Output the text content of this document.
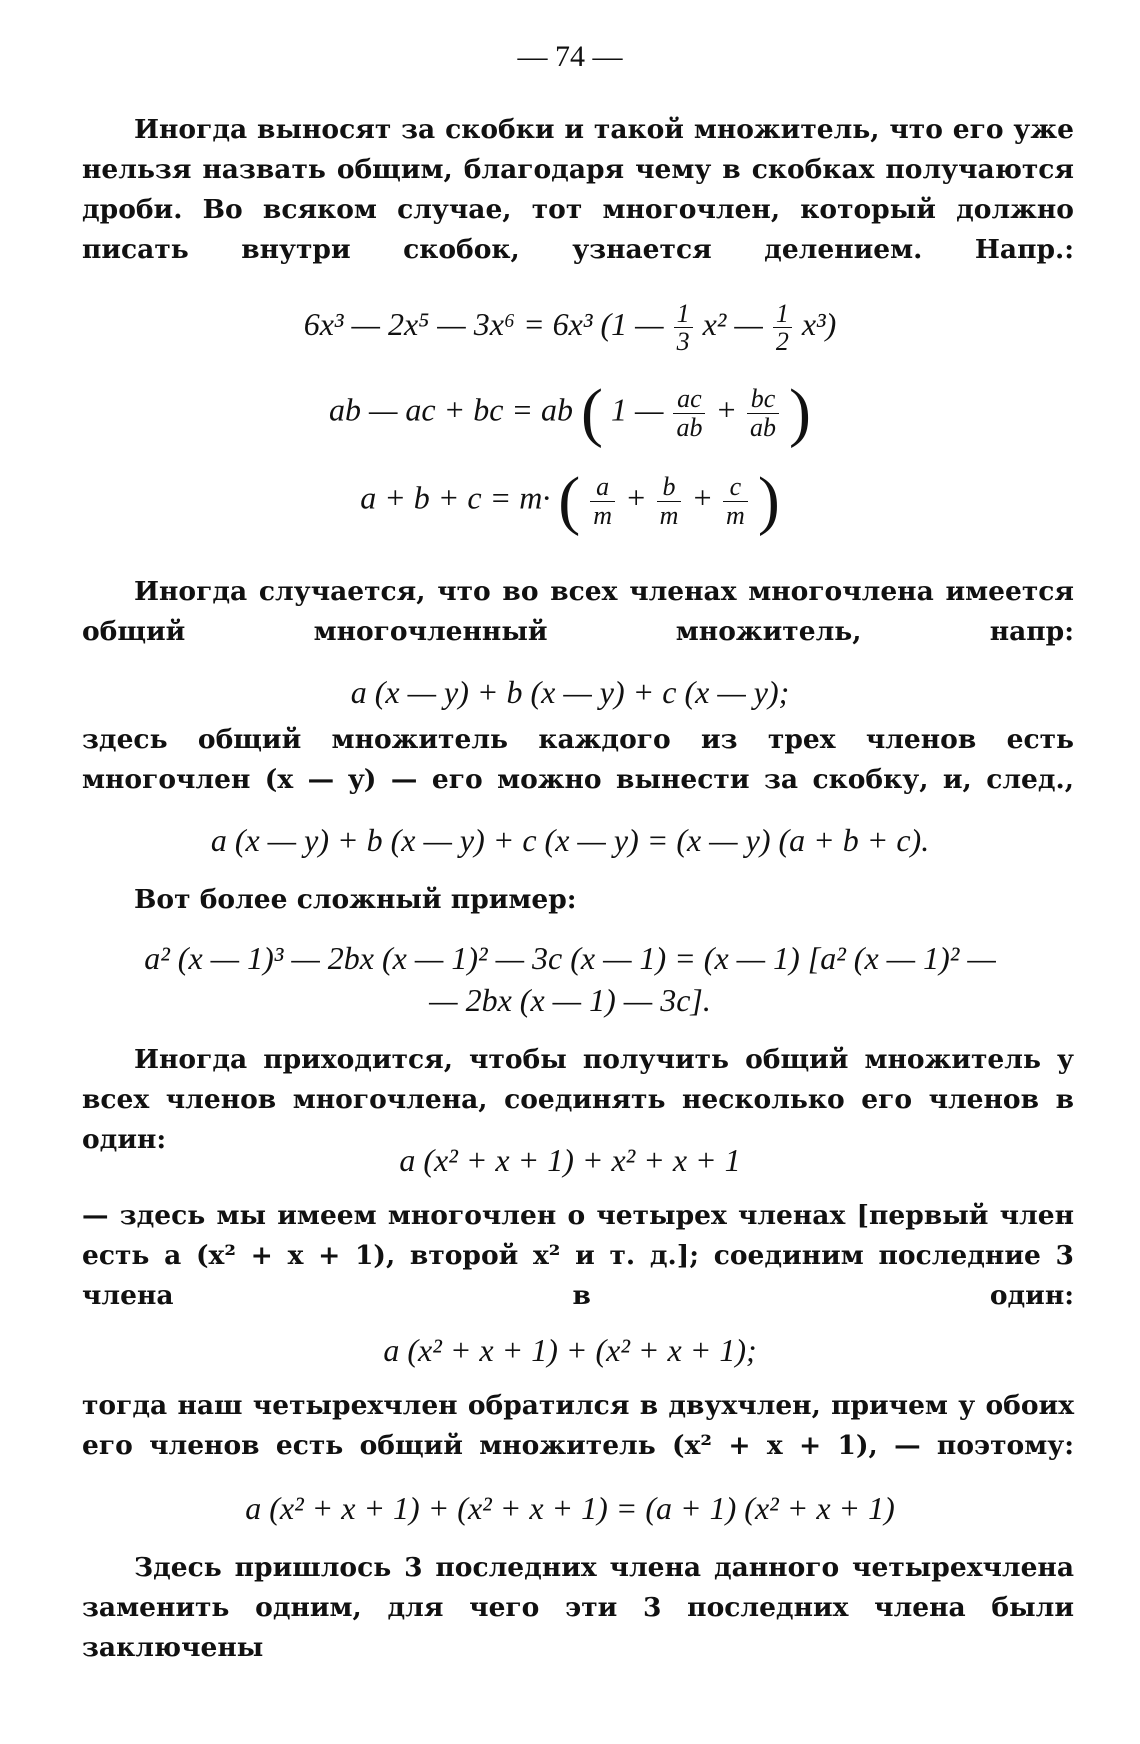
— 74 —

Иногда выносят за скобки и такой множитель, что его уже нельзя назвать общим, благодаря чему в скобках получаются дроби. Во всяком случае, тот многочлен, который должно писать внутри скобок, узнается делением. Напр.:

6x³ — 2x⁵ — 3x⁶ = 6x³ (1 — $\frac{1}{3} x^2$ — $\frac{1}{2} x^3$)
ab — ac + bc = ab ( 1 — $\frac{ac}{ab} + \frac{bc}{ab}$ )
a + b + c = m· ( $\frac{a}{m} + \frac{b}{m} + \frac{c}{m}$ )

Иногда случается, что во всех членах многочлена имеется общий многочленный множитель, напр:

a (x — y) + b (x — y) + c (x — y);

здесь общий множитель каждого из трех членов есть многочлен (x — y) — его можно вынести за скобку, и, след.,

a (x — y) + b (x — y) + c (x — y) = (x — y) (a + b + c).

Вот более сложный пример:

a² (x — 1)³ — 2bx (x — 1)² — 3c (x — 1) = (x — 1) [a² (x — 1)² —
— 2bx (x — 1) — 3c].

Иногда приходится, чтобы получить общий множитель у всех членов многочлена, соединять несколько его членов в один:

a (x² + x + 1) + x² + x + 1

— здесь мы имеем многочлен о четырех членах [первый член есть a (x² + x + 1), второй x² и т. д.]; соединим последние 3 члена в один:

a (x² + x + 1) + (x² + x + 1);

тогда наш четырехчлен обратился в двухчлен, причем у обоих его членов есть общий множитель (x² + x + 1), — поэтому:

a (x² + x + 1) + (x² + x + 1) = (a + 1) (x² + x + 1)

Здесь пришлось 3 последних члена данного четырехчлена заменить одним, для чего эти 3 последних члена были заключены
